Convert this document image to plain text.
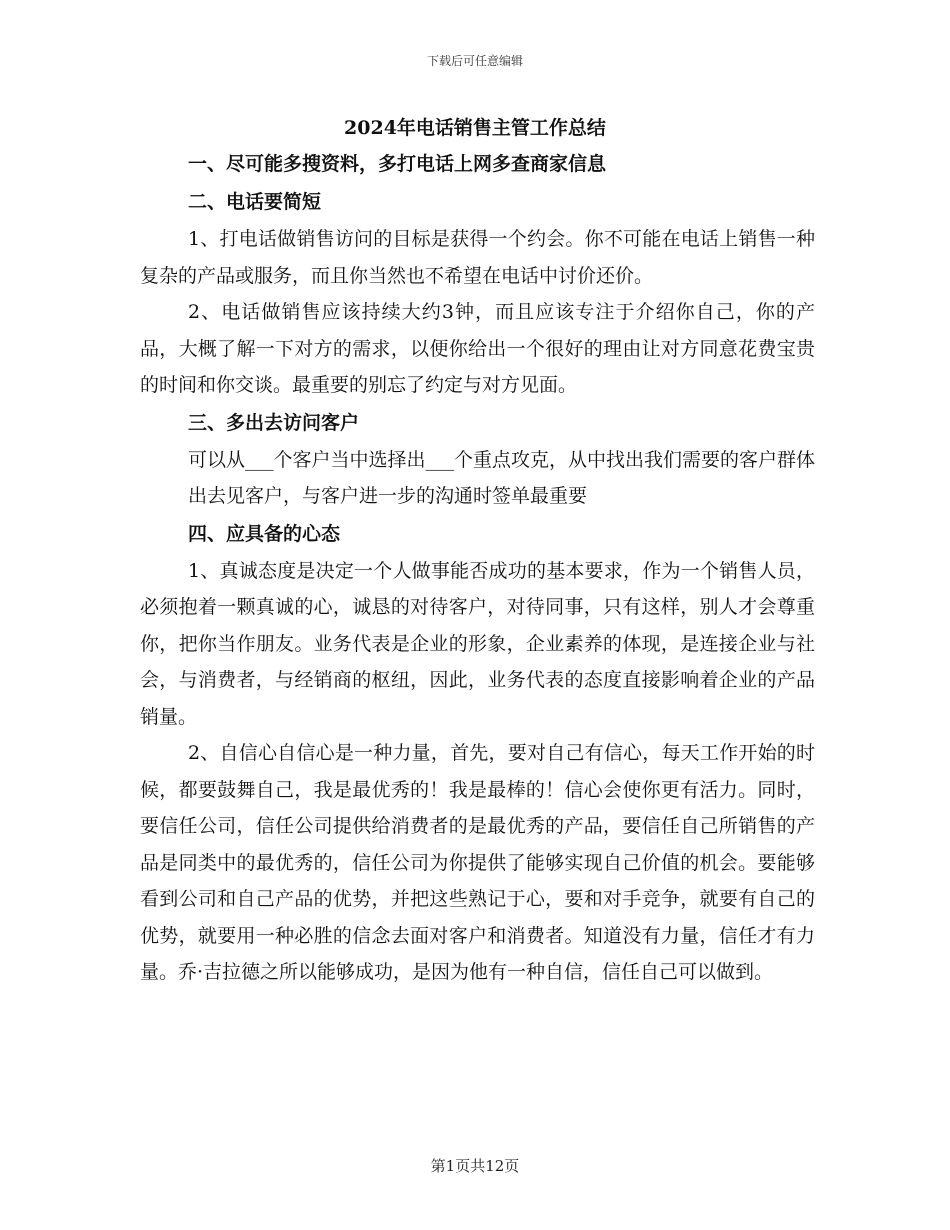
下载后可任意编辑
2024年电话销售主管工作总结

一、尽可能多搜资料，多打电话上网多查商家信息

二、电话要简短

1、打电话做销售访问的目标是获得一个约会。你不可能在电话上销售一种复杂的产品或服务，而且你当然也不希望在电话中讨价还价。

2、电话做销售应该持续大约3钟，而且应该专注于介绍你自己，你的产品，大概了解一下对方的需求，以便你给出一个很好的理由让对方同意花费宝贵的时间和你交谈。最重要的别忘了约定与对方见面。

三、多出去访问客户

可以从___个客户当中选择出___个重点攻克，从中找出我们需要的客户群体

出去见客户，与客户进一步的沟通时签单最重要

四、应具备的心态

1、真诚态度是决定一个人做事能否成功的基本要求，作为一个销售人员，必须抱着一颗真诚的心，诚恳的对待客户，对待同事，只有这样，别人才会尊重你，把你当作朋友。业务代表是企业的形象，企业素养的体现，是连接企业与社会，与消费者，与经销商的枢纽，因此，业务代表的态度直接影响着企业的产品销量。

2、自信心自信心是一种力量，首先，要对自己有信心，每天工作开始的时候，都要鼓舞自己，我是最优秀的！我是最棒的！信心会使你更有活力。同时，要信任公司，信任公司提供给消费者的是最优秀的产品，要信任自己所销售的产品是同类中的最优秀的，信任公司为你提供了能够实现自己价值的机会。要能够看到公司和自己产品的优势，并把这些熟记于心，要和对手竞争，就要有自己的优势，就要用一种必胜的信念去面对客户和消费者。知道没有力量，信任才有力量。乔·吉拉德之所以能够成功，是因为他有一种自信，信任自己可以做到。

第1页共12页
